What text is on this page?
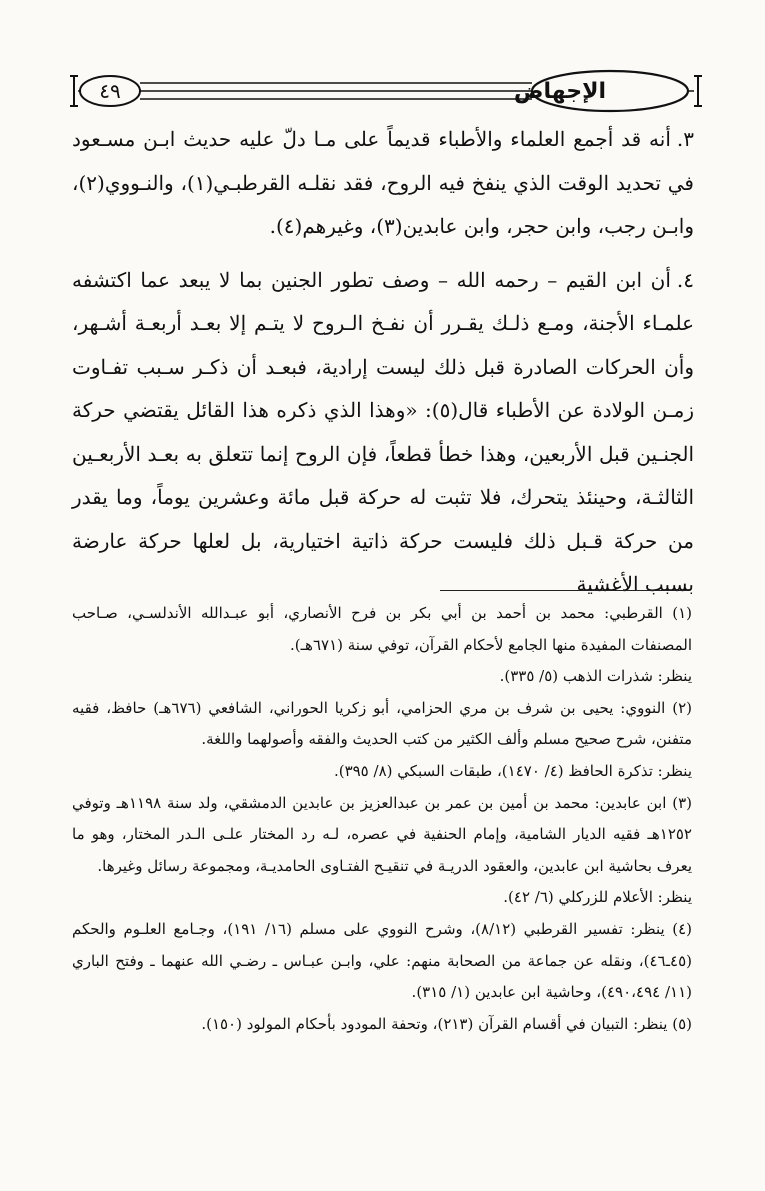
٤٩	الإجهاض

٣.أنه قد أجمع العلماء والأطباء قديماً على مـا دلّ عليه حديث ابـن مسـعود في تحديد الوقت الذي ينفخ فيه الروح، فقد نقلـه القرطبـي(١)، والنـووي(٢)، وابـن رجب، وابن حجر، وابن عابدين(٣)، وغيرهم(٤).

٤.أن ابن القيم – رحمه الله – وصف تطور الجنين بما لا يبعد عما اكتشفه علمـاء الأجنة، ومـع ذلـك يقـرر أن نفـخ الـروح لا يتـم إلا بعـد أربعـة أشـهر، وأن الحركات الصادرة قبل ذلك ليست إرادية، فبعـد أن ذكـر سـبب تفـاوت زمـن الولادة عن الأطباء قال(٥): «وهذا الذي ذكره هذا القائل يقتضي حركة الجنـين قبل الأربعين، وهذا خطأ قطعاً، فإن الروح إنما تتعلق به بعـد الأربعـين الثالثـة، وحينئذ يتحرك، فلا تثبت له حركة قبل مائة وعشرين يوماً، وما يقدر من حركة قـبل ذلك فليست حركة ذاتية اختيارية، بل لعلها حركة عارضة بسبب الأغشية

(١) القرطبي: محمد بن أحمد بن أبي بكر بن فرح الأنصاري، أبو عبـدالله الأندلسـي، صـاحب المصنفات المفيدة منها الجامع لأحكام القرآن، توفي سنة (٦٧١هـ).

ينظر: شذرات الذهب (٥/ ٣٣٥).

(٢) النووي: يحيى بن شرف بن مري الحزامي، أبو زكريا الحوراني، الشافعي (٦٧٦هـ) حافظ، فقيه متفنن، شرح صحيح مسلم وألف الكثير من كتب الحديث والفقه وأصولهما واللغة.

ينظر: تذكرة الحافظ (٤/ ١٤٧٠)، طبقات السبكي (٨/ ٣٩٥).

(٣) ابن عابدين: محمد بن أمين بن عمر بن عبدالعزيز بن عابدين الدمشقي، ولد سنة ١١٩٨هـ وتوفي ١٢٥٢هـ فقيه الديار الشامية، وإمام الحنفية في عصره، لـه رد المختار علـى الـدر المختار، وهو ما يعرف بحاشية ابن عابدين، والعقود الدريـة في تنقيـح الفتـاوى الحامديـة، ومجموعة رسائل وغيرها.

ينظر: الأعلام للزركلي (٦/ ٤٢).

(٤) ينظر: تفسير القرطبي (٨/١٢)، وشرح النووي على مسلم (١٦/ ١٩١)، وجـامع العلـوم والحكم (٤٥ـ٤٦)، ونقله عن جماعة من الصحابة منهم: علي، وابـن عبـاس ـ رضـي الله عنهما ـ وفتح الباري (١١/ ٤٩٠،٤٩٤)، وحاشية ابن عابدين (١/ ٣١٥).

(٥) ينظر: التبيان في أقسام القرآن (٢١٣)، وتحفة المودود بأحكام المولود (١٥٠).
